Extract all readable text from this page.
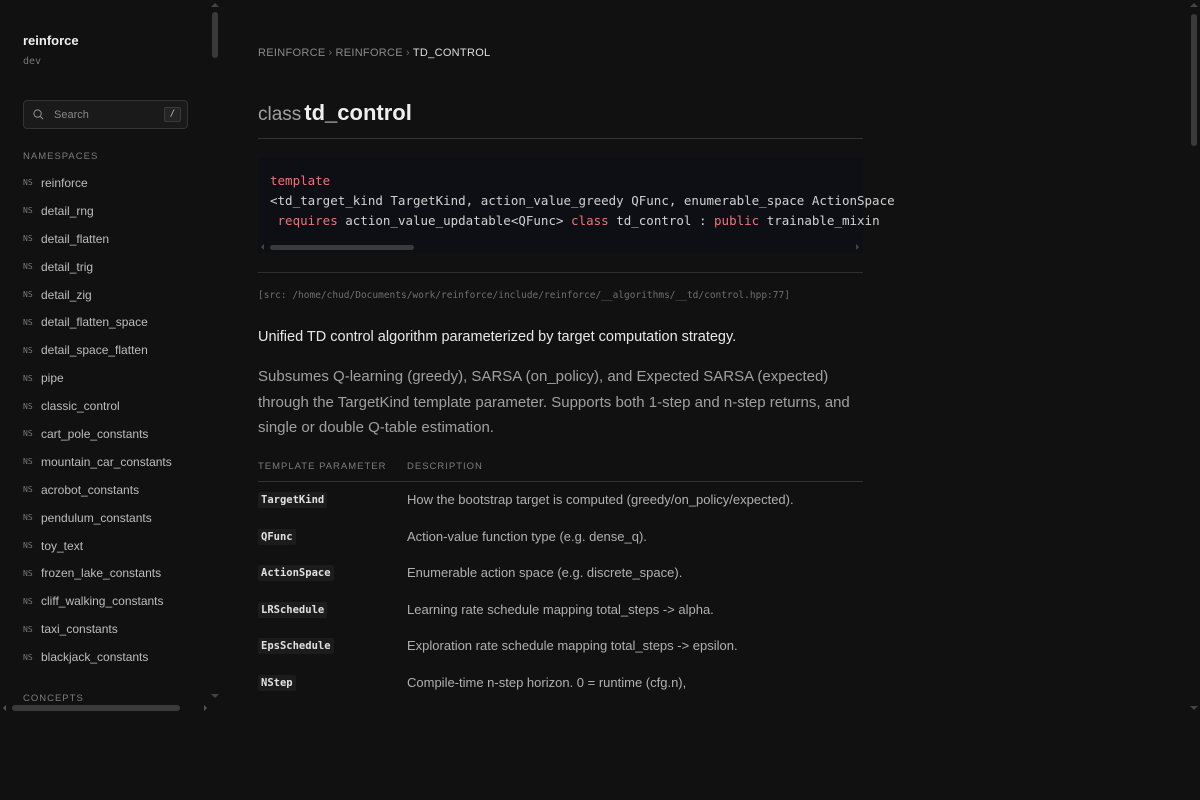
reinforce
dev
Search	/
NAMESPACES
NS reinforce
NS detail_rng
NS detail_flatten
NS detail_trig
NS detail_zig
NS detail_flatten_space
NS detail_space_flatten
NS pipe
NS classic_control
NS cart_pole_constants
NS mountain_car_constants
NS acrobot_constants
NS pendulum_constants
NS toy_text
NS frozen_lake_constants
NS cliff_walking_constants
NS taxi_constants
NS blackjack_constants
CONCEPTS
REINFORCE › REINFORCE › TD_CONTROL
class td_control
template
<td_target_kind TargetKind, action_value_greedy QFunc, enumerable_space ActionSpace
requires action_value_updatable<QFunc> class td_control : public trainable_mixin
[src: /home/chud/Documents/work/reinforce/include/reinforce/__algorithms/__td/control.hpp:77]
Unified TD control algorithm parameterized by target computation strategy.
Subsumes Q-learning (greedy), SARSA (on_policy), and Expected SARSA (expected) through the TargetKind template parameter. Supports both 1-step and n-step returns, and single or double Q-table estimation.
TEMPLATE PARAMETER DESCRIPTION
TargetKind	How the bootstrap target is computed (greedy/on_policy/expected).
QFunc	Action-value function type (e.g. dense_q).
ActionSpace	Enumerable action space (e.g. discrete_space).
LRSchedule	Learning rate schedule mapping total_steps -> alpha.
EpsSchedule	Exploration rate schedule mapping total_steps -> epsilon.
NStep	Compile-time n-step horizon. 0 = runtime (cfg.n),
